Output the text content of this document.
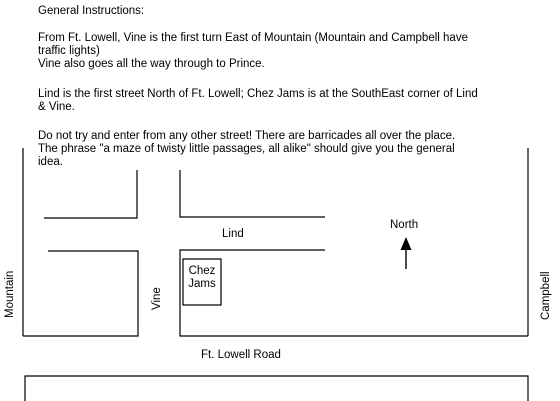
General Instructions:
From Ft. Lowell, Vine is the first turn East of Mountain (Mountain and Campbell have
traffic lights)
Vine also goes all the way through to Prince.
Lind is the first street North of Ft. Lowell; Chez Jams is at the SouthEast corner of Lind
& Vine.
Do not try and enter from any other street! There are barricades all over the place.
The phrase "a maze of twisty little passages, all alike" should give you the general
idea.
Lind
North
Chez
Jams
Mountain	Vine	Campbell
Ft. Lowell Road
